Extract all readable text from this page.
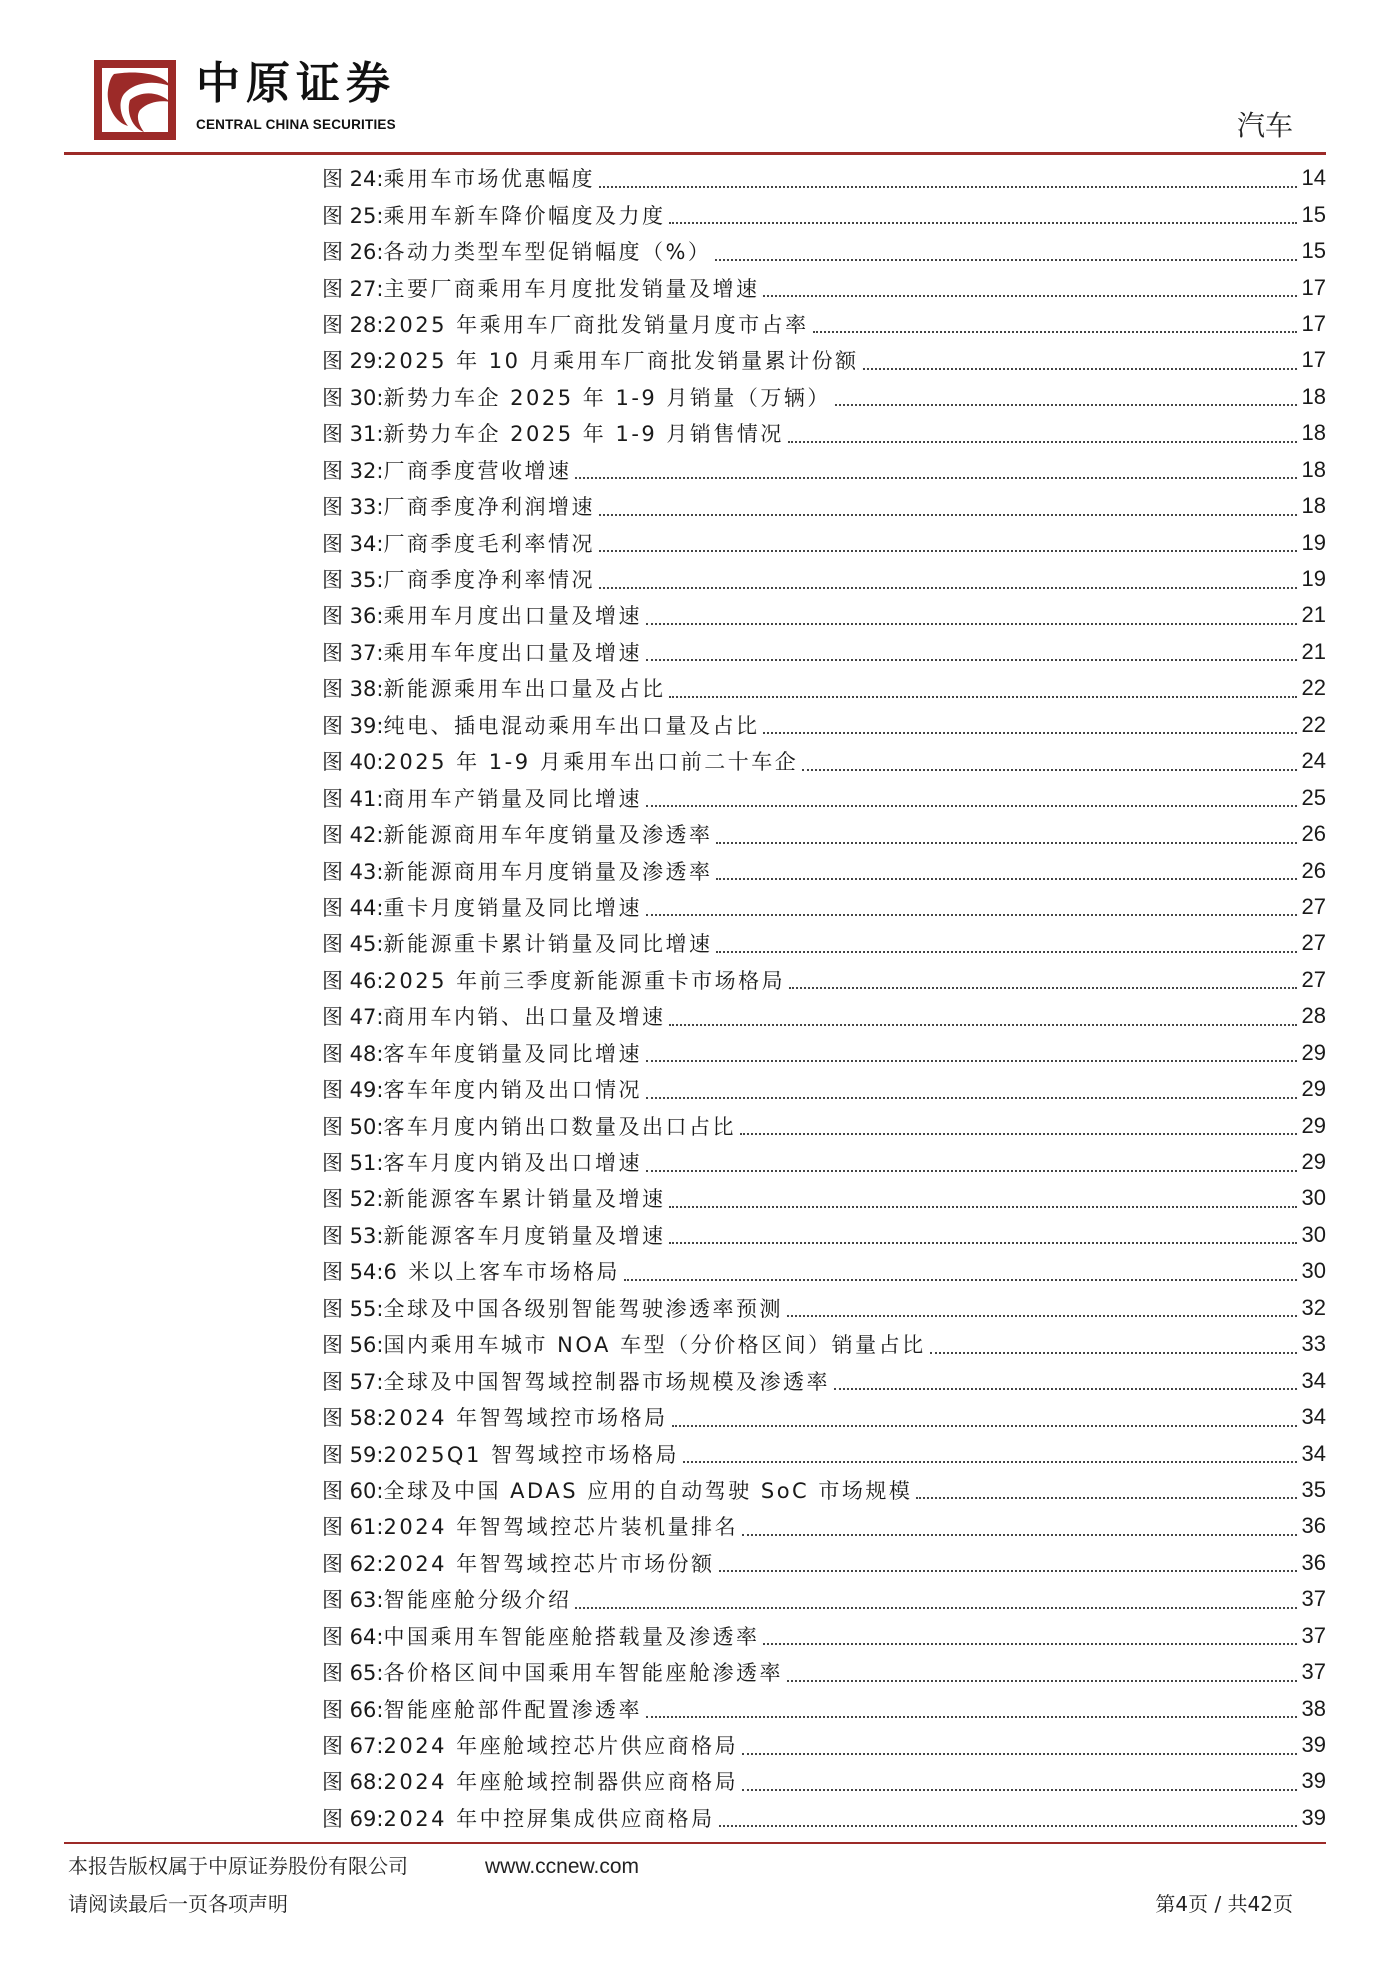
中原证券
CENTRAL CHINA SECURITIES	汽车
图 24: 乘用车市场优惠幅度	14
图 25: 乘用车新车降价幅度及力度	15
图 26: 各动力类型车型促销幅度（%）	15
图 27: 主要厂商乘用车月度批发销量及增速	17
图 28: 2025 年乘用车厂商批发销量月度市占率	17
图 29: 2025 年 10 月乘用车厂商批发销量累计份额	17
图 30: 新势力车企 2025 年 1-9 月销量（万辆）	18
图 31: 新势力车企 2025 年 1-9 月销售情况	18
图 32: 厂商季度营收增速	18
图 33: 厂商季度净利润增速	18
图 34: 厂商季度毛利率情况	19
图 35: 厂商季度净利率情况	19
图 36: 乘用车月度出口量及增速	21
图 37: 乘用车年度出口量及增速	21
图 38: 新能源乘用车出口量及占比	22
图 39: 纯电、插电混动乘用车出口量及占比	22
图 40: 2025 年 1-9 月乘用车出口前二十车企	24
图 41: 商用车产销量及同比增速	25
图 42: 新能源商用车年度销量及渗透率	26
图 43: 新能源商用车月度销量及渗透率	26
图 44: 重卡月度销量及同比增速	27
图 45: 新能源重卡累计销量及同比增速	27
图 46: 2025 年前三季度新能源重卡市场格局	27
图 47: 商用车内销、出口量及增速	28
图 48: 客车年度销量及同比增速	29
图 49: 客车年度内销及出口情况	29
图 50: 客车月度内销出口数量及出口占比	29
图 51: 客车月度内销及出口增速	29
图 52: 新能源客车累计销量及增速	30
图 53: 新能源客车月度销量及增速	30
图 54: 6 米以上客车市场格局	30
图 55: 全球及中国各级别智能驾驶渗透率预测	32
图 56: 国内乘用车城市 NOA 车型（分价格区间）销量占比	33
图 57: 全球及中国智驾域控制器市场规模及渗透率	34
图 58: 2024 年智驾域控市场格局	34
图 59: 2025Q1 智驾域控市场格局	34
图 60: 全球及中国 ADAS 应用的自动驾驶 SoC 市场规模	35
图 61: 2024 年智驾域控芯片装机量排名	36
图 62: 2024 年智驾域控芯片市场份额	36
图 63: 智能座舱分级介绍	37
图 64: 中国乘用车智能座舱搭载量及渗透率	37
图 65: 各价格区间中国乘用车智能座舱渗透率	37
图 66: 智能座舱部件配置渗透率	38
图 67: 2024 年座舱域控芯片供应商格局	39
图 68: 2024 年座舱域控制器供应商格局	39
图 69: 2024 年中控屏集成供应商格局	39
本报告版权属于中原证券股份有限公司	www.ccnew.com
请阅读最后一页各项声明	第4页 / 共42页
